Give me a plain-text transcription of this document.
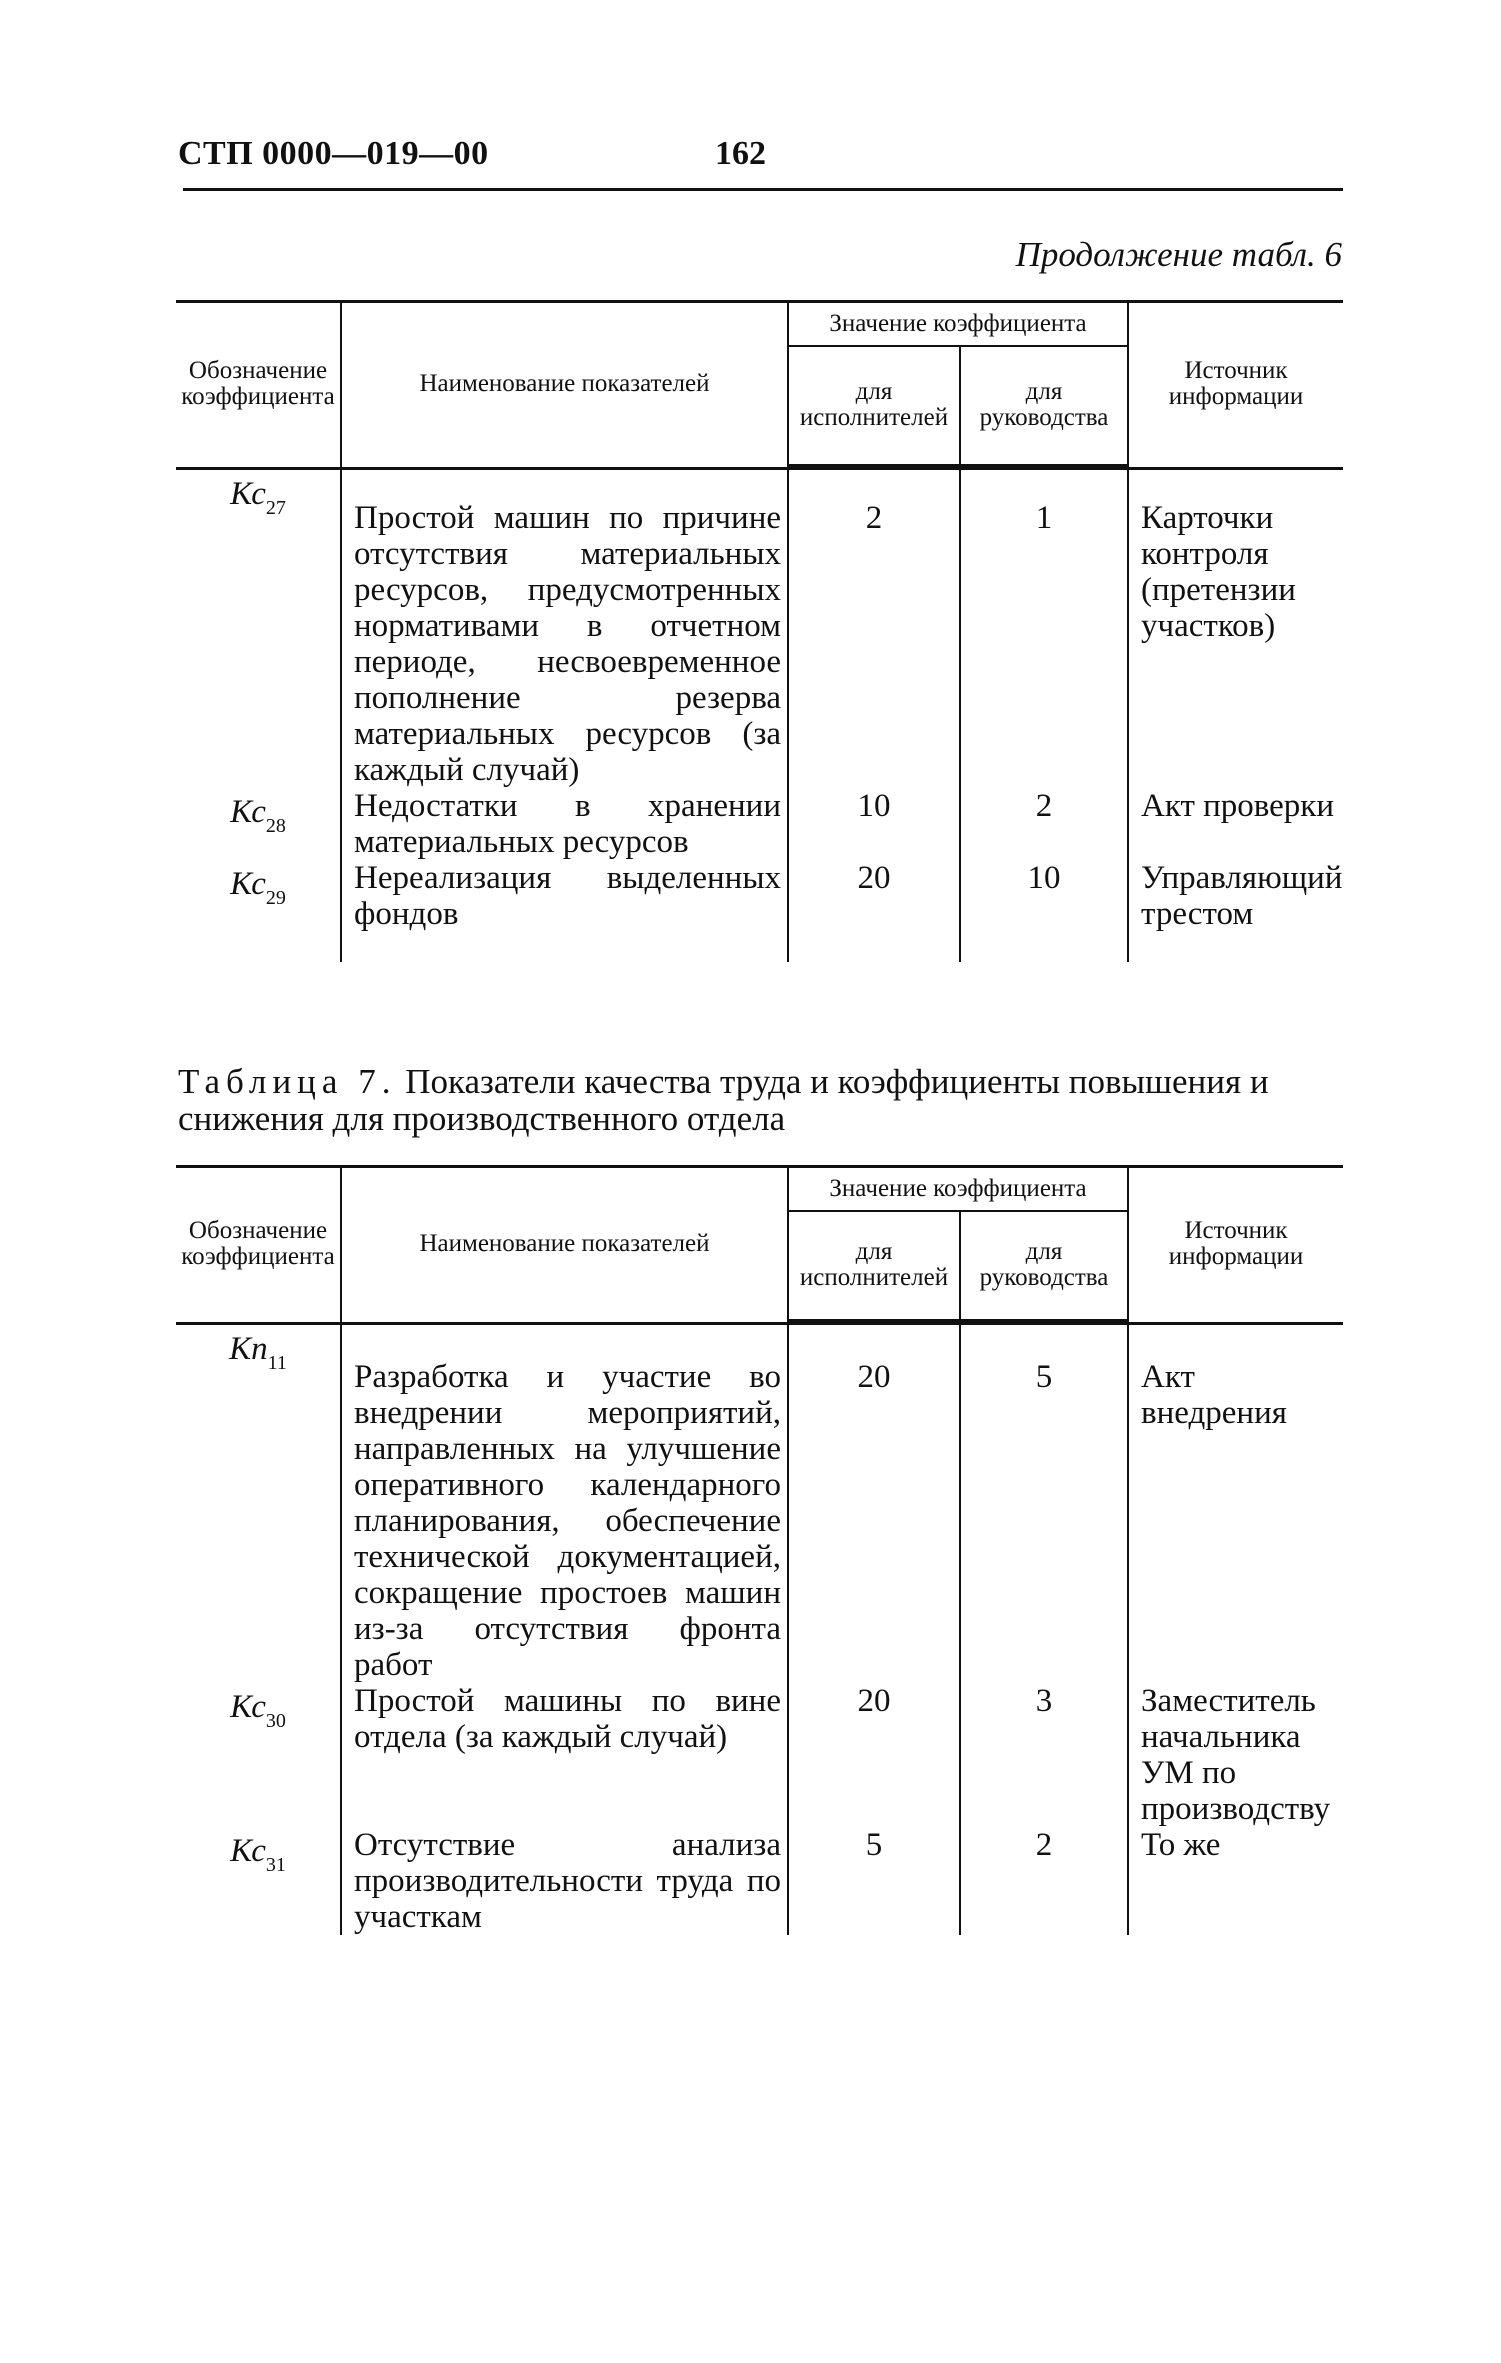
СТП 0000—019—00	162
Продолжение табл. 6
Обозначение коэффициента	Наименование показателей	Значение коэффициента		Источник информации
		для исполнителей	для руководства	

$Кс_{27}$	Простой машин по причине отсутствия материальных ресурсов, предусмотренных нормативами в отчетном периоде, несвоевременное пополнение резерва материальных ресурсов (за каждый случай)	2	1	Карточки контроля (претензии участков)
$Кс_{28}$	Недостатки в хранении материальных ресурсов	10	2	Акт проверки
$Кс_{29}$	Нереализация выделенных фондов	20	10	Управляющий трестом
Таблица 7. Показатели качества труда и коэффициенты повышения и снижения для производственного отдела
Обозначение коэффициента	Наименование показателей	Значение коэффициента		Источник информации
		для исполнителей	для руководства	

$Кп_{11}$	Разработка и участие во внедрении мероприятий, направленных на улучшение оперативного календарного планирования, обеспечение технической документацией, сокращение простоев машин из-за отсутствия фронта работ	20	5	Акт внедрения
$Кс_{30}$	Простой машины по вине отдела (за каждый случай)	20	3	Заместитель начальника УМ по производству
$Кс_{31}$	Отсутствие анализа производительности труда по участкам	5	2	То же
